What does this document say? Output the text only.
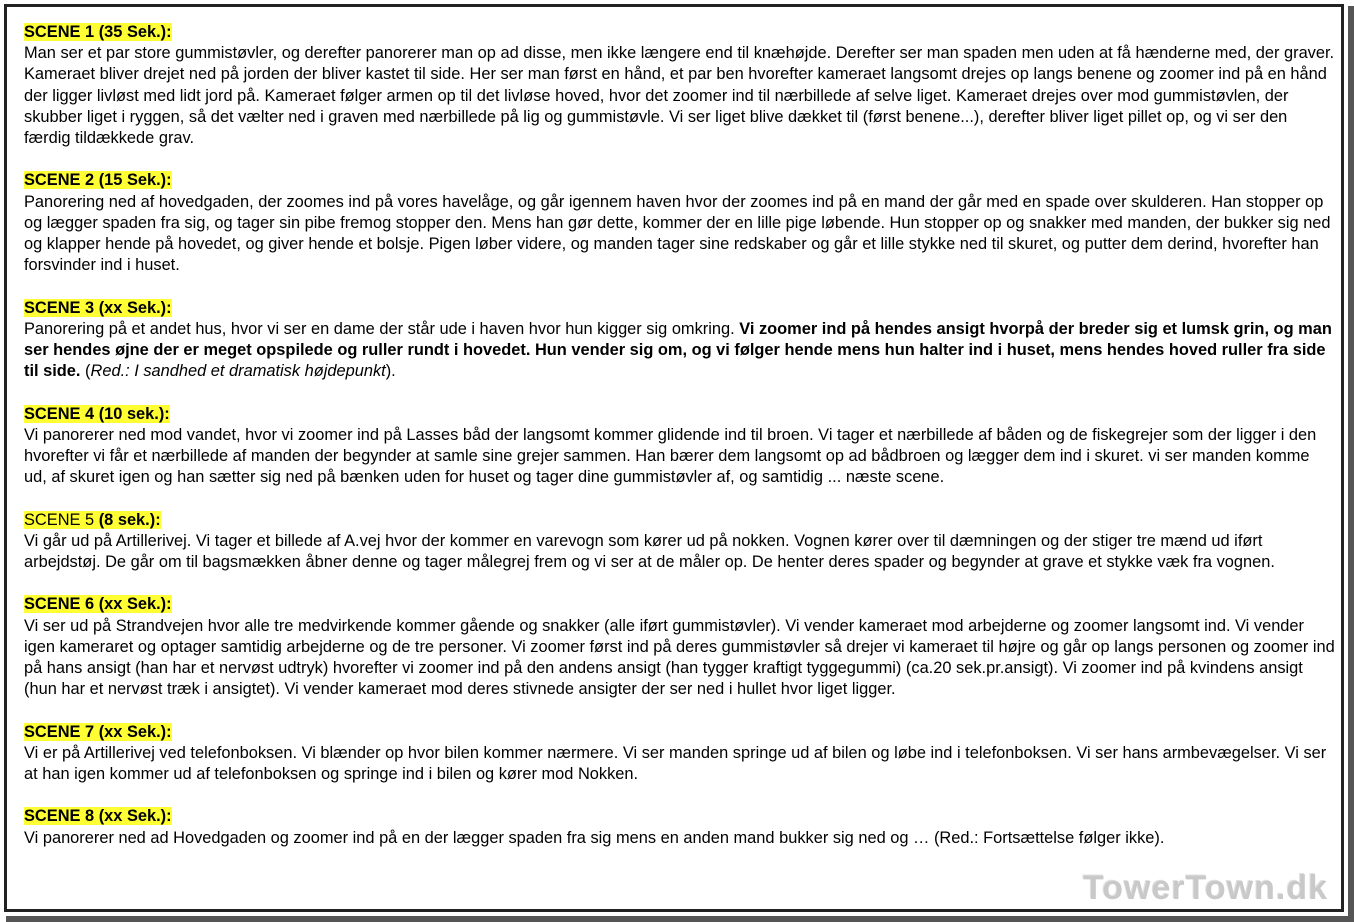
SCENE 1 (35 Sek.):

Man ser et par store gummistøvler, og derefter panorerer man op ad disse, men ikke længere end til knæhøjde. Derefter ser man spaden men uden at få hænderne med, der graver. Kameraet bliver drejet ned på jorden der bliver kastet til side. Her ser man først en hånd, et par ben hvorefter kameraet langsomt drejes op langs benene og zoomer ind på en hånd der ligger livløst med lidt jord på. Kameraet følger armen op til det livløse hoved, hvor det zoomer ind til nærbillede af selve liget. Kameraet drejes over mod gummistøvlen, der skubber liget i ryggen, så det vælter ned i graven med nærbillede på lig og gummistøvle. Vi ser liget blive dækket til (først benene...), derefter bliver liget pillet op, og vi ser den færdig tildækkede grav.

SCENE 2 (15 Sek.):

Panorering ned af hovedgaden, der zoomes ind på vores havelåge, og går igennem haven hvor der zoomes ind på en mand der går med en spade over skulderen. Han stopper op og lægger spaden fra sig, og tager sin pibe fremog stopper den. Mens han gør dette, kommer der en lille pige løbende. Hun stopper op og snakker med manden, der bukker sig ned og klapper hende på hovedet, og giver hende et bolsje. Pigen løber videre, og manden tager sine redskaber og går et lille stykke ned til skuret, og putter dem derind, hvorefter han forsvinder ind i huset.

SCENE 3 (xx Sek.):

Panorering på et andet hus, hvor vi ser en dame der står ude i haven hvor hun kigger sig omkring. Vi zoomer ind på hendes ansigt hvorpå der breder sig et lumsk grin, og man ser hendes øjne der er meget opspilede og ruller rundt i hovedet. Hun vender sig om, og vi følger hende mens hun halter ind i huset, mens hendes hoved ruller fra side til side. (Red.: I sandhed et dramatisk højdepunkt).

SCENE 4 (10 sek.):

Vi panorerer ned mod vandet, hvor vi zoomer ind på Lasses båd der langsomt kommer glidende ind til broen. Vi tager et nærbillede af båden og de fiskegrejer som der ligger i den hvorefter vi får et nærbillede af manden der begynder at samle sine grejer sammen. Han bærer dem langsomt op ad bådbroen og lægger dem ind i skuret. vi ser manden komme ud, af skuret igen og han sætter sig ned på bænken uden for huset og tager dine gummistøvler af, og samtidig ... næste scene.

SCENE 5 (8 sek.):

Vi går ud på Artillerivej. Vi tager et billede af A.vej hvor der kommer en varevogn som kører ud på nokken. Vognen kører over til dæmningen og der stiger tre mænd ud iført arbejdstøj. De går om til bagsmækken åbner denne og tager målegrej frem og vi ser at de måler op. De henter deres spader og begynder at grave et stykke væk fra vognen.

SCENE 6 (xx Sek.):

Vi ser ud på Strandvejen hvor alle tre medvirkende kommer gående og snakker (alle iført gummistøvler). Vi vender kameraet mod arbejderne og zoomer langsomt ind. Vi vender igen kameraret og optager samtidig arbejderne og de tre personer. Vi zoomer først ind på deres gummistøvler så drejer vi kameraet til højre og går op langs personen og zoomer ind på hans ansigt (han har et nervøst udtryk) hvorefter vi zoomer ind på den andens ansigt (han tygger kraftigt tyggegummi) (ca.20 sek.pr.ansigt). Vi zoomer ind på kvindens ansigt (hun har et nervøst træk i ansigtet). Vi vender kameraet mod deres stivnede ansigter der ser ned i hullet hvor liget ligger.

SCENE 7 (xx Sek.):

Vi er på Artillerivej ved telefonboksen. Vi blænder op hvor bilen kommer nærmere. Vi ser manden springe ud af bilen og løbe ind i telefonboksen. Vi ser hans armbevægelser. Vi ser at han igen kommer ud af telefonboksen og springe ind i bilen og kører mod Nokken.

SCENE 8 (xx Sek.):

Vi panorerer ned ad Hovedgaden og zoomer ind på en der lægger spaden fra sig mens en anden mand bukker sig ned og … (Red.: Fortsættelse følger ikke).

TowerTown.dk
